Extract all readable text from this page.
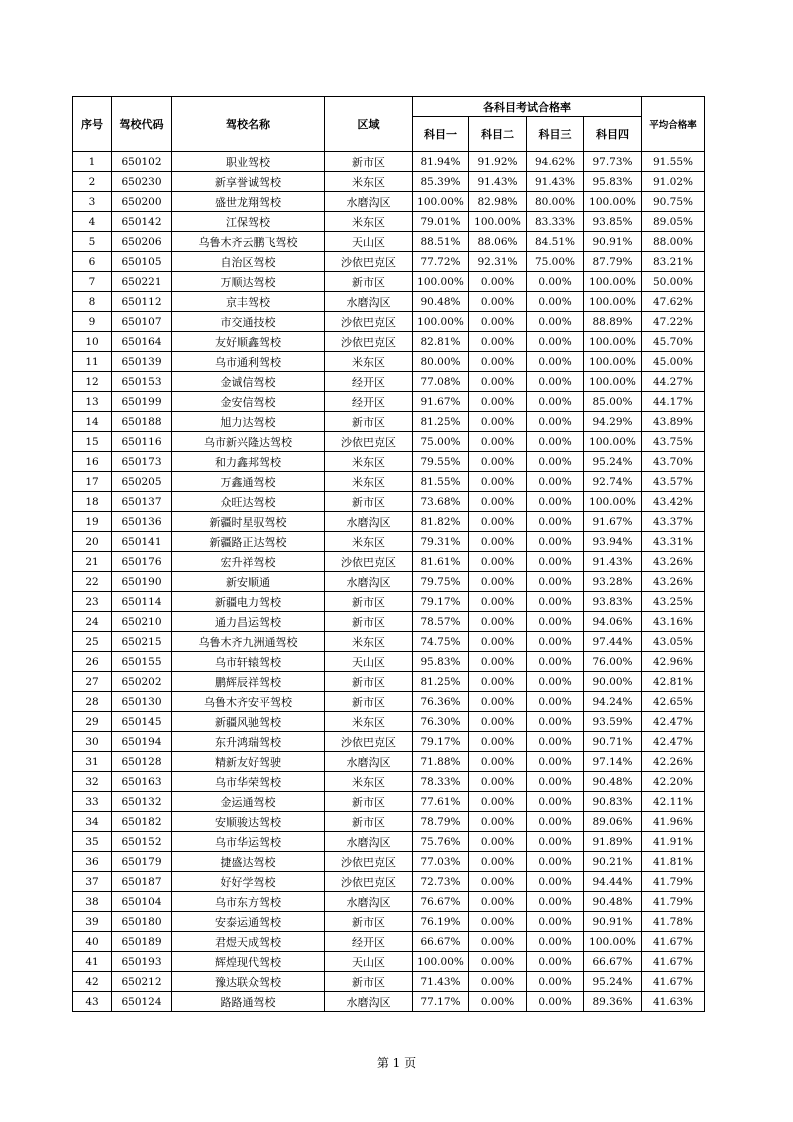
序号	驾校代码	驾校名称	区域	各科目考试合格率				平均合格率
				科目一	科目二	科目三	科目四	
1	650102	职业驾校	新市区	81.94%	91.92%	94.62%	97.73%	91.55%
2	650230	新享誉诚驾校	米东区	85.39%	91.43%	91.43%	95.83%	91.02%
3	650200	盛世龙翔驾校	水磨沟区	100.00%	82.98%	80.00%	100.00%	90.75%
4	650142	江保驾校	米东区	79.01%	100.00%	83.33%	93.85%	89.05%
5	650206	乌鲁木齐云鹏飞驾校	天山区	88.51%	88.06%	84.51%	90.91%	88.00%
6	650105	自治区驾校	沙依巴克区	77.72%	92.31%	75.00%	87.79%	83.21%
7	650221	万顺达驾校	新市区	100.00%	0.00%	0.00%	100.00%	50.00%
8	650112	京丰驾校	水磨沟区	90.48%	0.00%	0.00%	100.00%	47.62%
9	650107	市交通技校	沙依巴克区	100.00%	0.00%	0.00%	88.89%	47.22%
10	650164	友好顺鑫驾校	沙依巴克区	82.81%	0.00%	0.00%	100.00%	45.70%
11	650139	乌市通利驾校	米东区	80.00%	0.00%	0.00%	100.00%	45.00%
12	650153	金诚信驾校	经开区	77.08%	0.00%	0.00%	100.00%	44.27%
13	650199	金安信驾校	经开区	91.67%	0.00%	0.00%	85.00%	44.17%
14	650188	旭力达驾校	新市区	81.25%	0.00%	0.00%	94.29%	43.89%
15	650116	乌市新兴隆达驾校	沙依巴克区	75.00%	0.00%	0.00%	100.00%	43.75%
16	650173	和力鑫邦驾校	米东区	79.55%	0.00%	0.00%	95.24%	43.70%
17	650205	万鑫通驾校	米东区	81.55%	0.00%	0.00%	92.74%	43.57%
18	650137	众旺达驾校	新市区	73.68%	0.00%	0.00%	100.00%	43.42%
19	650136	新疆时星驭驾校	水磨沟区	81.82%	0.00%	0.00%	91.67%	43.37%
20	650141	新疆路正达驾校	米东区	79.31%	0.00%	0.00%	93.94%	43.31%
21	650176	宏升祥驾校	沙依巴克区	81.61%	0.00%	0.00%	91.43%	43.26%
22	650190	新安顺通	水磨沟区	79.75%	0.00%	0.00%	93.28%	43.26%
23	650114	新疆电力驾校	新市区	79.17%	0.00%	0.00%	93.83%	43.25%
24	650210	通力昌运驾校	新市区	78.57%	0.00%	0.00%	94.06%	43.16%
25	650215	乌鲁木齐九洲通驾校	米东区	74.75%	0.00%	0.00%	97.44%	43.05%
26	650155	乌市轩辕驾校	天山区	95.83%	0.00%	0.00%	76.00%	42.96%
27	650202	鹏辉辰祥驾校	新市区	81.25%	0.00%	0.00%	90.00%	42.81%
28	650130	乌鲁木齐安平驾校	新市区	76.36%	0.00%	0.00%	94.24%	42.65%
29	650145	新疆风驰驾校	米东区	76.30%	0.00%	0.00%	93.59%	42.47%
30	650194	东升鸿瑞驾校	沙依巴克区	79.17%	0.00%	0.00%	90.71%	42.47%
31	650128	精新友好驾驶	水磨沟区	71.88%	0.00%	0.00%	97.14%	42.26%
32	650163	乌市华荣驾校	米东区	78.33%	0.00%	0.00%	90.48%	42.20%
33	650132	金运通驾校	新市区	77.61%	0.00%	0.00%	90.83%	42.11%
34	650182	安顺骏达驾校	新市区	78.79%	0.00%	0.00%	89.06%	41.96%
35	650152	乌市华运驾校	水磨沟区	75.76%	0.00%	0.00%	91.89%	41.91%
36	650179	捷盛达驾校	沙依巴克区	77.03%	0.00%	0.00%	90.21%	41.81%
37	650187	好好学驾校	沙依巴克区	72.73%	0.00%	0.00%	94.44%	41.79%
38	650104	乌市东方驾校	水磨沟区	76.67%	0.00%	0.00%	90.48%	41.79%
39	650180	安泰运通驾校	新市区	76.19%	0.00%	0.00%	90.91%	41.78%
40	650189	君煜天成驾校	经开区	66.67%	0.00%	0.00%	100.00%	41.67%
41	650193	辉煌现代驾校	天山区	100.00%	0.00%	0.00%	66.67%	41.67%
42	650212	豫达联众驾校	新市区	71.43%	0.00%	0.00%	95.24%	41.67%
43	650124	路路通驾校	水磨沟区	77.17%	0.00%	0.00%	89.36%	41.63%
第 1 页
